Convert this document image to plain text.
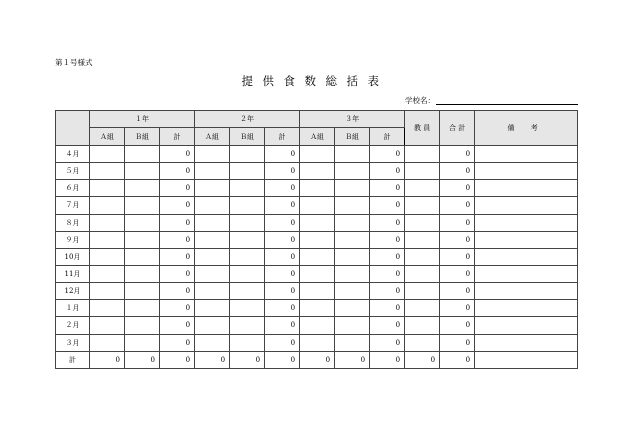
第１号様式
提供食数総括表
学校名：
	１年			２年			３年			教 員	合 計	備 考
	Ａ組	Ｂ組	計	Ａ組	Ｂ組	計	Ａ組	Ｂ組	計			
４月			0			0			0		0	
５月			0			0			0		0	
６月			0			0			0		0	
７月			0			0			0		0	
８月			0			0			0		0	
９月			0			0			0		0	
10月			0			0			0		0	
11月			0			0			0		0	
12月			0			0			0		0	
１月			0			0			0		0	
２月			0			0			0		0	
３月			0			0			0		0	
計	0	0	0	0	0	0	0	0	0	0	0	
